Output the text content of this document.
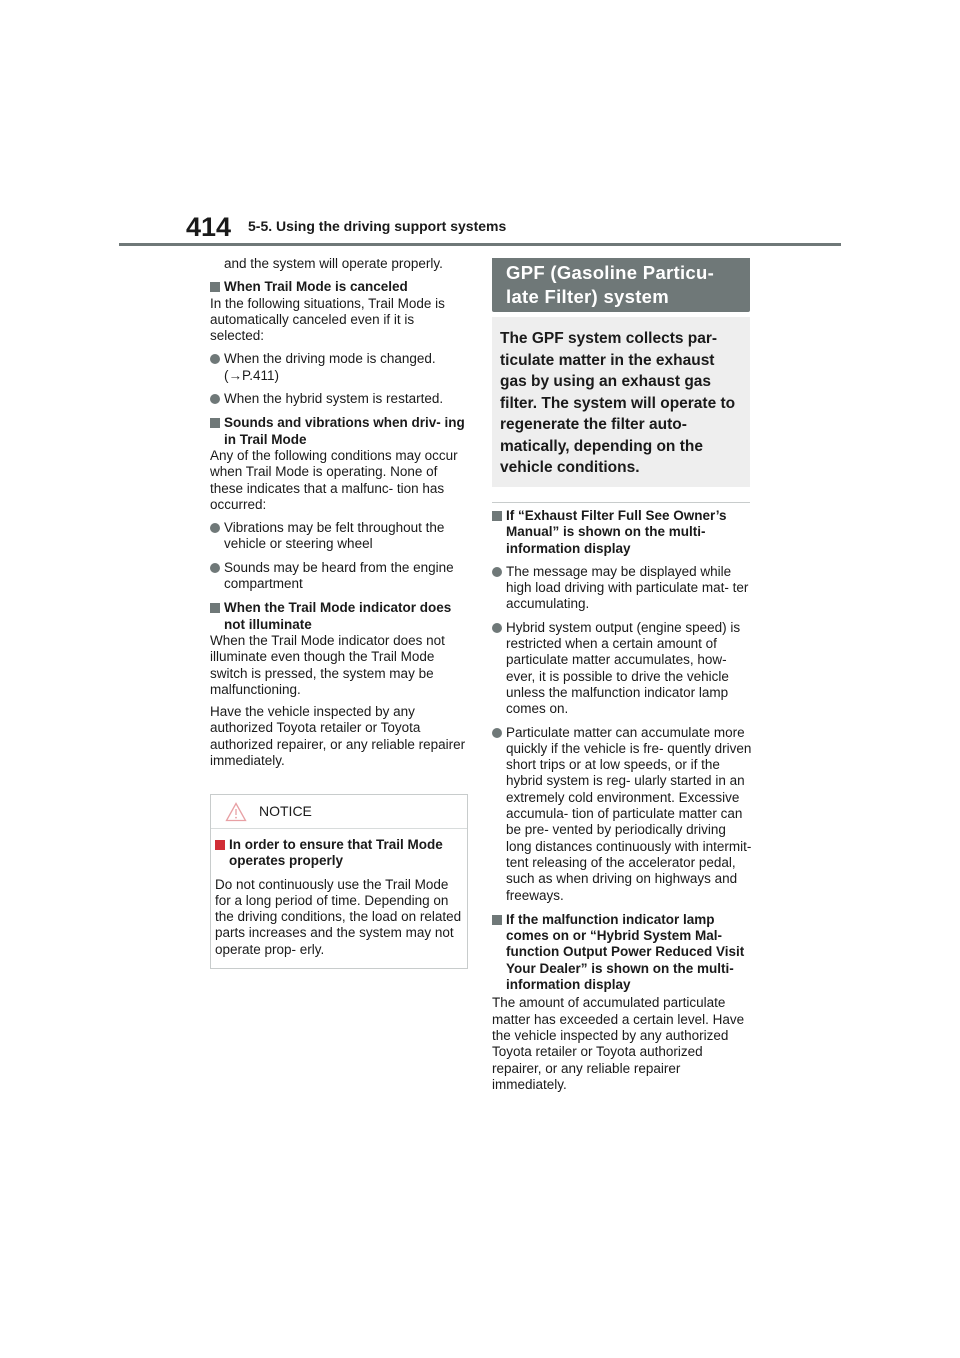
414 5-5. Using the driving support systems

and the system will operate properly.

When Trail Mode is canceled

In the following situations, Trail Mode is automatically canceled even if it is selected:

When the driving mode is changed. (→P.411)
When the hybrid system is restarted.
Sounds and vibrations when driv- ing in Trail Mode

Any of the following conditions may occur when Trail Mode is operating. None of these indicates that a malfunc- tion has occurred:

Vibrations may be felt throughout the vehicle or steering wheel
Sounds may be heard from the engine compartment
When the Trail Mode indicator does not illuminate

When the Trail Mode indicator does not illuminate even though the Trail Mode switch is pressed, the system may be malfunctioning.

Have the vehicle inspected by any authorized Toyota retailer or Toyota authorized repairer, or any reliable repairer immediately.

NOTICE
In order to ensure that Trail Mode operates properly

Do not continuously use the Trail Mode for a long period of time. Depending on the driving conditions, the load on related parts increases and the system may not operate prop- erly.

GPF (Gasoline Particu- late Filter) system
The GPF system collects par- ticulate matter in the exhaust gas by using an exhaust gas filter. The system will operate to regenerate the filter auto- matically, depending on the vehicle conditions.
If “Exhaust Filter Full See Owner’s Manual” is shown on the multi- information display
The message may be displayed while high load driving with particulate mat- ter accumulating.
Hybrid system output (engine speed) is restricted when a certain amount of particulate matter accumulates, how- ever, it is possible to drive the vehicle unless the malfunction indicator lamp comes on.
Particulate matter can accumulate more quickly if the vehicle is fre- quently driven short trips or at low speeds, or if the hybrid system is reg- ularly started in an extremely cold environment. Excessive accumula- tion of particulate matter can be pre- vented by periodically driving long distances continuously with intermit- tent releasing of the accelerator pedal, such as when driving on highways and freeways.
If the malfunction indicator lamp comes on or “Hybrid System Mal- function Output Power Reduced Visit Your Dealer” is shown on the multi-information display

The amount of accumulated particulate matter has exceeded a certain level. Have the vehicle inspected by any authorized Toyota retailer or Toyota authorized repairer, or any reliable repairer immediately.
